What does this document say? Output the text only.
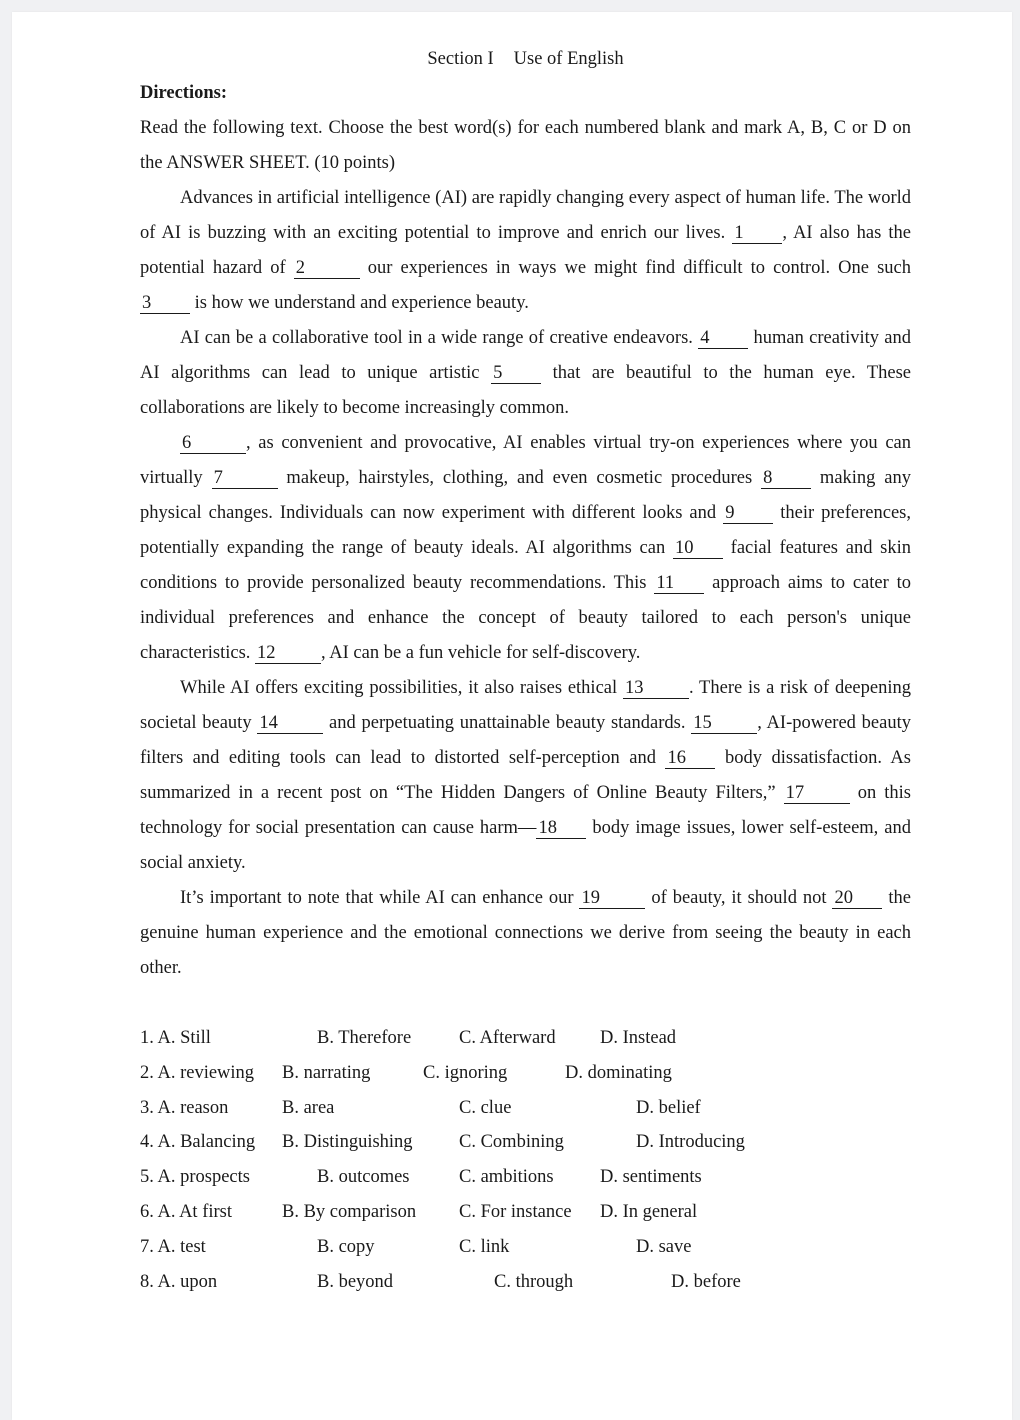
Section I Use of English

Directions:

Read the following text. Choose the best word(s) for each numbered blank and mark A, B, C or D on the ANSWER SHEET. (10 points)

Advances in artificial intelligence (AI) are rapidly changing every aspect of human life. The world of AI is buzzing with an exciting potential to improve and enrich our lives. 1 , AI also has the potential hazard of 2	our experiences in ways we might find difficult to control. One such 3 is how we understand and experience beauty.

AI can be a collaborative tool in a wide range of creative endeavors. 4 human creativity and AI algorithms can lead to unique artistic 5 that are beautiful to the human eye. These collaborations are likely to become increasingly common.

6	, as convenient and provocative, AI enables virtual try-on experiences where you can virtually 7	makeup, hairstyles, clothing, and even cosmetic procedures 8 making any physical changes. Individuals can now experiment with different looks and 9 their preferences, potentially expanding the range of beauty ideals. AI algorithms can 10 facial features and skin conditions to provide personalized beauty recommendations. This 11 approach aims to cater to individual preferences and enhance the concept of beauty tailored to each person's unique characteristics. 12 , AI can be a fun vehicle for self-discovery.

While AI offers exciting possibilities, it also raises ethical 13 . There is a risk of deepening societal beauty 14 and perpetuating unattainable beauty standards. 15 , AI-powered beauty filters and editing tools can lead to distorted self-perception and 16 body dissatisfaction. As summarized in a recent post on “The Hidden Dangers of Online Beauty Filters,” 17 on this technology for social presentation can cause harm— 18 body image issues, lower self-esteem, and social anxiety.

It’s important to note that while AI can enhance our 19 of beauty, it should not 20 the genuine human experience and the emotional connections we derive from seeing the beauty in each other.

1. A. Still	B. Therefore	C. Afterward D. Instead
2. A. reviewing B. narrating	C. ignoring	D. dominating
3. A. reason	B. area	C. clue	D. belief
4. A. Balancing B. Distinguishing	C. Combining	D. Introducing
5. A. prospects	B. outcomes	C. ambitions	D. sentiments
6. A. At first	B. By comparison C. For instance D. In general
7. A. test	B. copy	C. link	D. save
8. A. upon	B. beyond	C. through	D. before
